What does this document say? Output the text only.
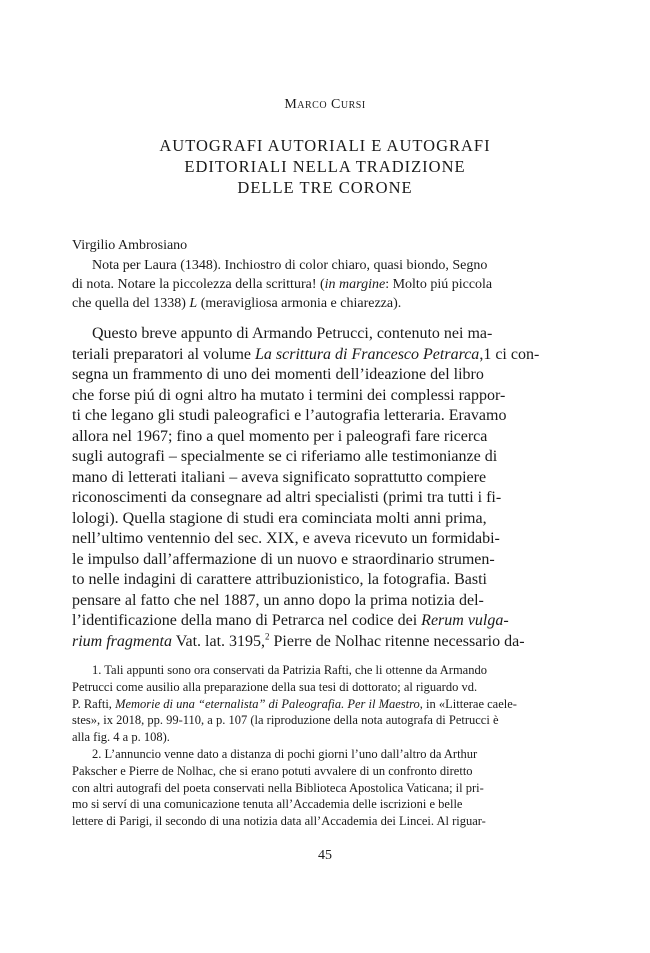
Marco Cursi
AUTOGRAFI AUTORIALI E AUTOGRAFI
EDITORIALI NELLA TRADIZIONE
DELLE TRE CORONE
Virgilio Ambrosiano
Nota per Laura (1348). Inchiostro di color chiaro, quasi biondo, Segno
di nota. Notare la piccolezza della scrittura! (in margine: Molto piú piccola
che quella del 1338) L (meravigliosa armonia e chiarezza).
Questo breve appunto di Armando Petrucci, contenuto nei ma-
teriali preparatori al volume La scrittura di Francesco Petrarca,1 ci con-
segna un frammento di uno dei momenti dell’ideazione del libro
che forse piú di ogni altro ha mutato i termini dei complessi rappor-
ti che legano gli studi paleografici e l’autografia letteraria. Eravamo
allora nel 1967; fino a quel momento per i paleografi fare ricerca
sugli autografi – specialmente se ci riferiamo alle testimonianze di
mano di letterati italiani – aveva significato soprattutto compiere
riconoscimenti da consegnare ad altri specialisti (primi tra tutti i fi-
lologi). Quella stagione di studi era cominciata molti anni prima,
nell’ultimo ventennio del sec. XIX, e aveva ricevuto un formidabi-
le impulso dall’affermazione di un nuovo e straordinario strumen-
to nelle indagini di carattere attribuzionistico, la fotografia. Basti
pensare al fatto che nel 1887, un anno dopo la prima notizia del-
l’identificazione della mano di Petrarca nel codice dei Rerum vulga-
rium fragmenta Vat. lat. 3195,$^2$ Pierre de Nolhac ritenne necessario da-
1. Tali appunti sono ora conservati da Patrizia Rafti, che li ottenne da Armando
Petrucci come ausilio alla preparazione della sua tesi di dottorato; al riguardo vd.
P. Rafti, Memorie di una “eternalista” di Paleografia. Per il Maestro, in «Litterae caele-
stes», ix 2018, pp. 99-110, a p. 107 (la riproduzione della nota autografa di Petrucci è
alla fig. 4 a p. 108).
2. L’annuncio venne dato a distanza di pochi giorni l’uno dall’altro da Arthur
Pakscher e Pierre de Nolhac, che si erano potuti avvalere di un confronto diretto
con altri autografi del poeta conservati nella Biblioteca Apostolica Vaticana; il pri-
mo si serví di una comunicazione tenuta all’Accademia delle iscrizioni e belle
lettere di Parigi, il secondo di una notizia data all’Accademia dei Lincei. Al riguar-
45
